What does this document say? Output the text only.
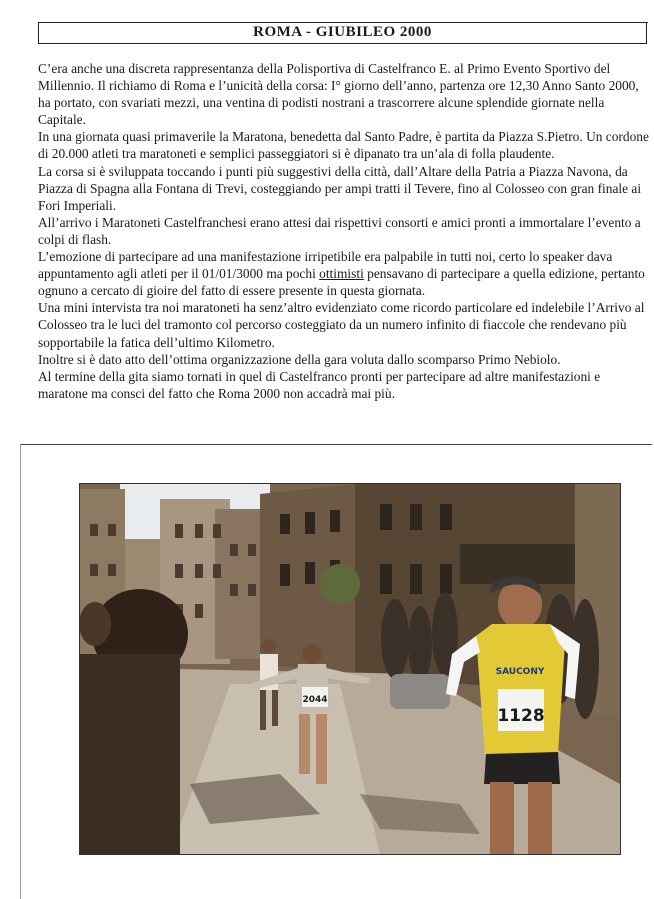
ROMA - GIUBILEO 2000

C’era anche una discreta rappresentanza della Polisportiva di Castelfranco E. al Primo Evento Sportivo del Millennio. Il richiamo di Roma e l’unicità della corsa: I° giorno dell’anno, partenza ore 12,30 Anno Santo 2000, ha portato, con svariati mezzi, una ventina di podisti nostrani a trascorrere alcune splendide giornate nella Capitale.

In una giornata quasi primaverile la Maratona, benedetta dal Santo Padre, è partita da Piazza S.Pietro. Un cordone di 20.000 atleti tra maratoneti e semplici passeggiatori si è dipanato tra un’ala di folla plaudente.

La corsa si è sviluppata toccando i punti più suggestivi della città, dall’Altare della Patria a Piazza Navona, da Piazza di Spagna alla Fontana di Trevi, costeggiando per ampi tratti il Tevere, fino al Colosseo con gran finale ai Fori Imperiali.

All’arrivo i Maratoneti Castelfranchesi erano attesi dai rispettivi consorti e amici pronti a immortalare l’evento a colpi di flash.

L’emozione di partecipare ad una manifestazione irripetibile era palpabile in tutti noi, certo lo speaker dava appuntamento agli atleti per il 01/01/3000 ma pochi ottimisti pensavano di partecipare a quella edizione, pertanto ognuno a cercato di gioire del fatto di essere presente in questa giornata.

Una mini intervista tra noi maratoneti ha senz’altro evidenziato come ricordo particolare ed indelebile l’Arrivo al Colosseo tra le luci del tramonto col percorso costeggiato da un numero infinito di fiaccole che rendevano più sopportabile la fatica dell’ultimo Kilometro.

Inoltre si è dato atto dell’ottima organizzazione della gara voluta dallo scomparso Primo Nebiolo.

Al termine della gita siamo tornati in quel di Castelfranco pronti per partecipare ad altre manifestazioni e maratone ma consci del fatto che Roma 2000 non accadrà mai più.

2044
SAUCONY
1128
